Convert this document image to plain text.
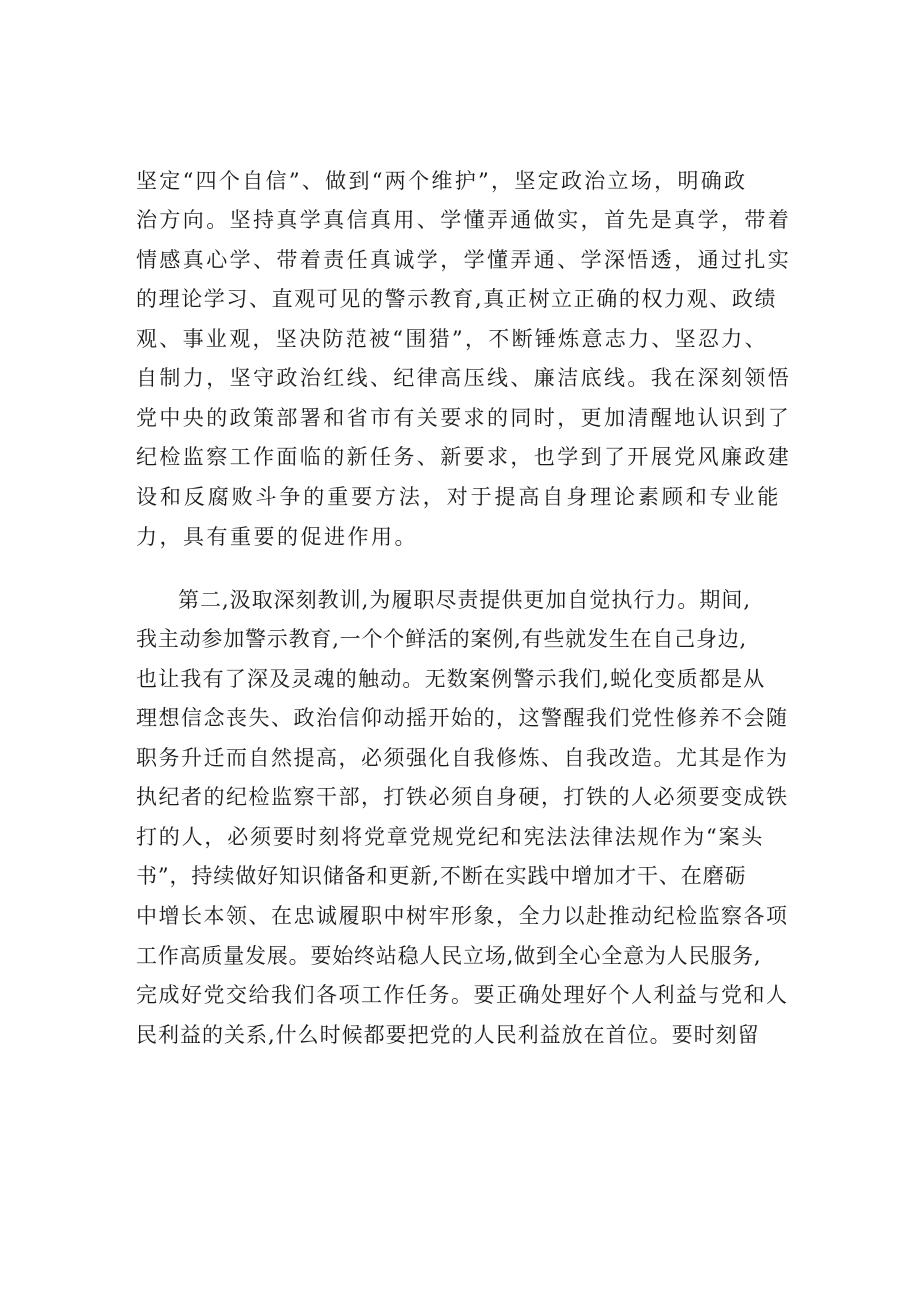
坚定“四个自信”、做到“两个维护”，坚定政治立场，明确政
治方向。坚持真学真信真用、学懂弄通做实，首先是真学，带着
情感真心学、带着责任真诚学，学懂弄通、学深悟透，通过扎实
的理论学习、直观可见的警示教育,真正树立正确的权力观、政绩
观、事业观，坚决防范被“围猎”，不断锤炼意志力、坚忍力、
自制力，坚守政治红线、纪律高压线、廉洁底线。我在深刻领悟
党中央的政策部署和省市有关要求的同时，更加清醒地认识到了
纪检监察工作面临的新任务、新要求，也学到了开展党风廉政建
设和反腐败斗争的重要方法，对于提高自身理论素顾和专业能
力，具有重要的促进作用。
第二,汲取深刻教训,为履职尽责提供更加自觉执行力。期间,
我主动参加警示教育,一个个鲜活的案例,有些就发生在自己身边,
也让我有了深及灵魂的触动。无数案例警示我们,蜕化变质都是从
理想信念丧失、政治信仰动摇开始的，这警醒我们党性修养不会随
职务升迁而自然提高，必须强化自我修炼、自我改造。尤其是作为
执纪者的纪检监察干部，打铁必须自身硬，打铁的人必须要变成铁
打的人，必须要时刻将党章党规党纪和宪法法律法规作为“案头
书”，持续做好知识储备和更新,不断在实践中增加才干、在磨砺
中增长本领、在忠诚履职中树牢形象，全力以赴推动纪检监察各项
工作高质量发展。要始终站稳人民立场,做到全心全意为人民服务,
完成好党交给我们各项工作任务。要正确处理好个人利益与党和人
民利益的关系,什么时候都要把党的人民利益放在首位。要时刻留
